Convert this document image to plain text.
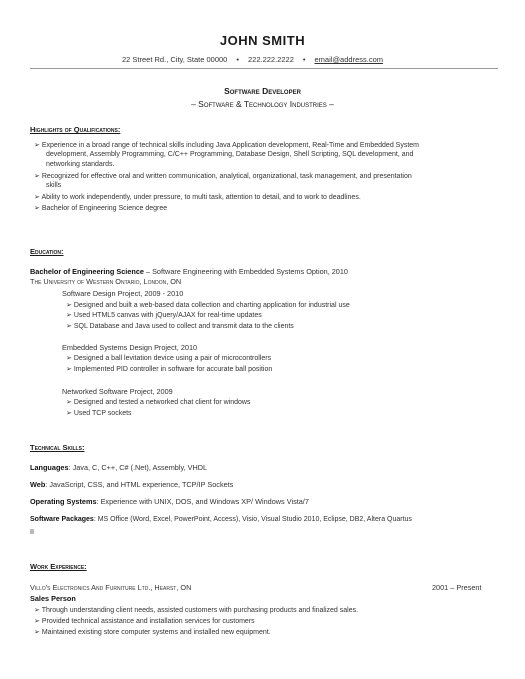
JOHN SMITH
22 Street Rd., City, State 00000 • 222.222.2222 • email@address.com
Software Developer
– Software & Technology Industries –
Highlights of Qualifications:
➢ Experience in a broad range of technical skills including Java Application development, Real-Time and Embedded System
development, Assembly Programming, C/C++ Programming, Database Design, Shell Scripting, SQL development, and
networking standards.
➢ Recognized for effective oral and written communication, analytical, organizational, task management, and presentation
skills
➢ Ability to work independently, under pressure, to multi task, attention to detail, and to work to deadlines.
➢ Bachelor of Engineering Science degree
Education:
Bachelor of Engineering Science – Software Engineering with Embedded Systems Option, 2010
The University of Western Ontario, London, ON
Software Design Project, 2009 - 2010
➢ Designed and built a web-based data collection and charting application for industrial use
➢ Used HTML5 canvas with jQuery/AJAX for real-time updates
➢ SQL Database and Java used to collect and transmit data to the clients
Embedded Systems Design Project, 2010
➢ Designed a ball levitation device using a pair of microcontrollers
➢ Implemented PID controller in software for accurate ball position
Networked Software Project, 2009
➢ Designed and tested a networked chat client for windows
➢ Used TCP sockets
Technical Skills:
Languages: Java, C, C++, C# (.Net), Assembly, VHDL
Web: JavaScript, CSS, and HTML experience, TCP/IP Sockets
Operating Systems: Experience with UNIX, DOS, and Windows XP/ Windows Vista/7
Software Packages: MS Office (Word, Excel, PowerPoint, Access), Visio, Visual Studio 2010, Eclipse, DB2, Altera Quartus
II
Work Experience:
Villo's Electronics And Furniture Ltd., Hearst, ON	2001 – Present
Sales Person
➢ Through understanding client needs, assisted customers with purchasing products and finalized sales.
➢ Provided technical assistance and installation services for customers
➢ Maintained existing store computer systems and installed new equipment.
